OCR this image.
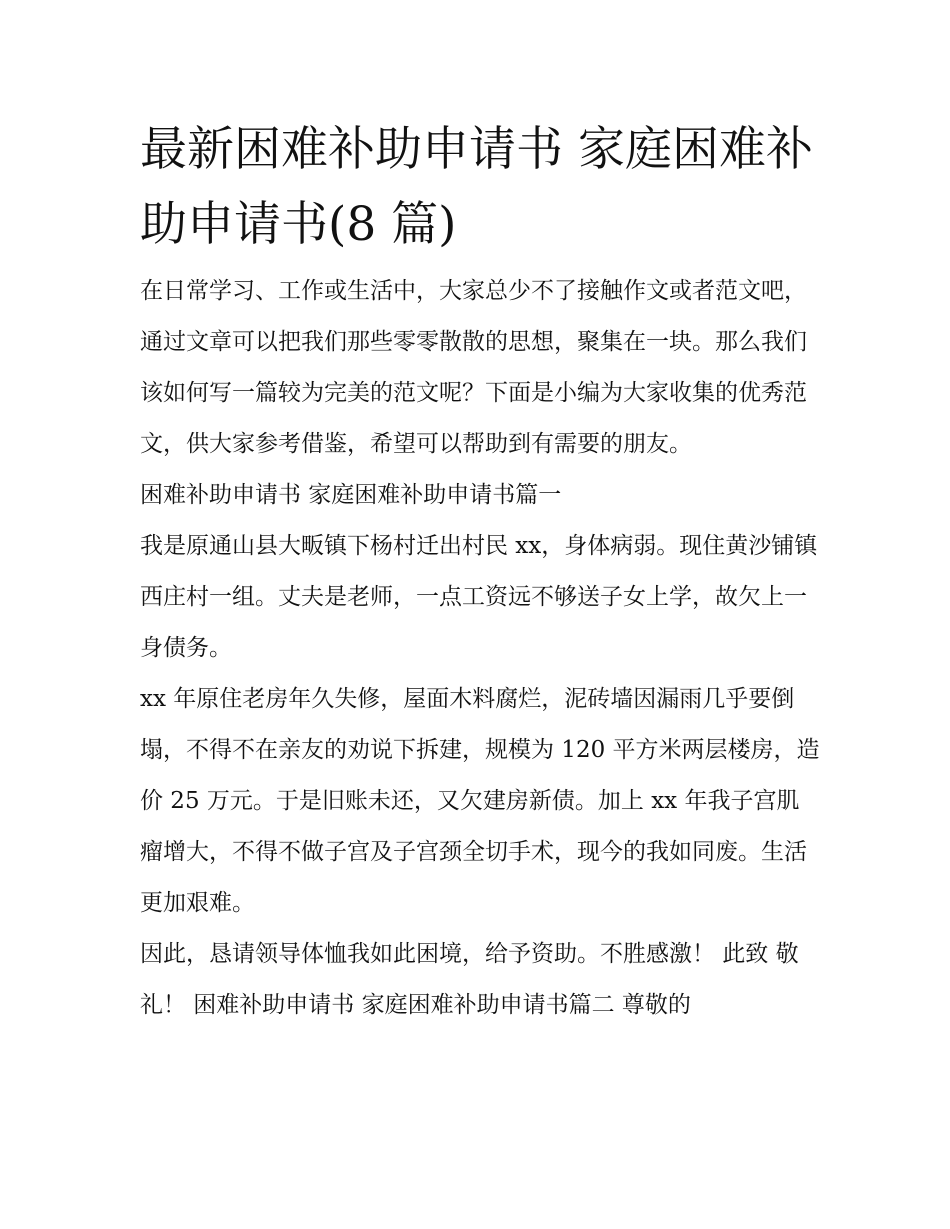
最新困难补助申请书 家庭困难补助申请书(8 篇)

在日常学习、工作或生活中，大家总少不了接触作文或者范文吧，通过文章可以把我们那些零零散散的思想，聚集在一块。那么我们该如何写一篇较为完美的范文呢？下面是小编为大家收集的优秀范文，供大家参考借鉴，希望可以帮助到有需要的朋友。

困难补助申请书 家庭困难补助申请书篇一

我是原通山县大畈镇下杨村迁出村民 xx，身体病弱。现住黄沙铺镇西庄村一组。丈夫是老师，一点工资远不够送子女上学，故欠上一身债务。

xx 年原住老房年久失修，屋面木料腐烂，泥砖墙因漏雨几乎要倒塌，不得不在亲友的劝说下拆建，规模为 120 平方米两层楼房，造价 25 万元。于是旧账未还，又欠建房新债。加上 xx 年我子宫肌瘤增大，不得不做子宫及子宫颈全切手术，现今的我如同废。生活更加艰难。

因此，恳请领导体恤我如此困境，给予资助。不胜感激！ 此致 敬礼！ 困难补助申请书 家庭困难补助申请书篇二 尊敬的
